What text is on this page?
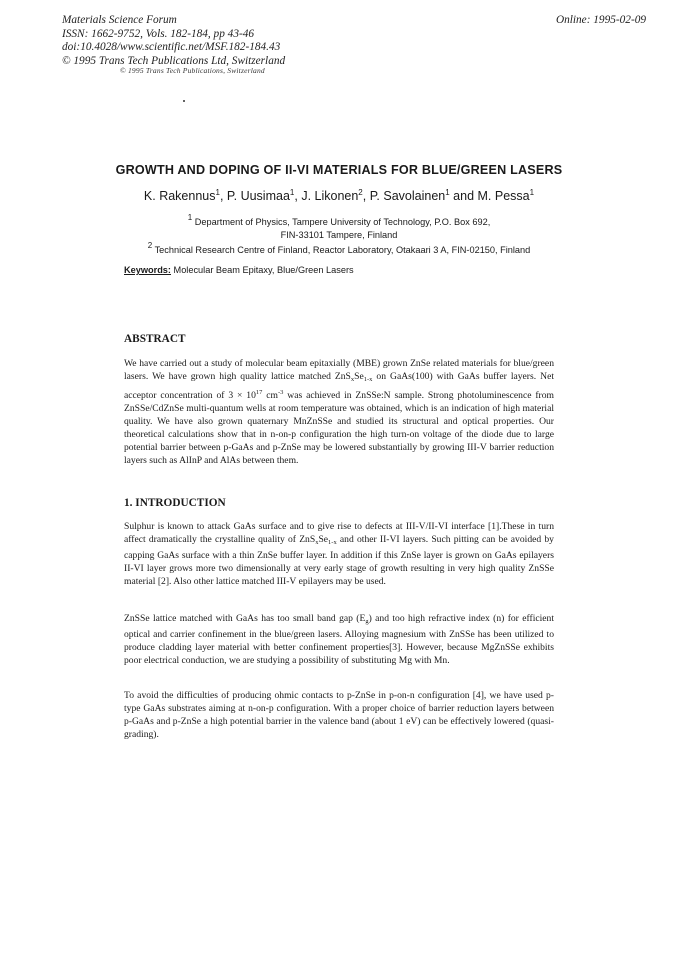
Materials Science Forum
ISSN: 1662-9752, Vols. 182-184, pp 43-46
doi:10.4028/www.scientific.net/MSF.182-184.43
© 1995 Trans Tech Publications Ltd, Switzerland
Online: 1995-02-09
© 1995 Trans Tech Publications, Switzerland
GROWTH AND DOPING OF II-VI MATERIALS FOR BLUE/GREEN LASERS
K. Rakennus$^1$, P. Uusimaa$^1$, J. Likonen$^2$, P. Savolainen$^1$ and M. Pessa$^1$
$^1$ Department of Physics, Tampere University of Technology, P.O. Box 692,
FIN-33101 Tampere, Finland
$^2$ Technical Research Centre of Finland, Reactor Laboratory, Otakaari 3 A, FIN-02150, Finland
Keywords: Molecular Beam Epitaxy, Blue/Green Lasers
ABSTRACT
We have carried out a study of molecular beam epitaxially (MBE) grown ZnSe related materials for blue/green lasers. We have grown high quality lattice matched $ZnS_xSe_{1-x}$ on GaAs(100) with GaAs buffer layers. Net acceptor concentration of $3 \times 10^{17}$ $cm^{-3}$ was achieved in ZnSSe:N sample. Strong photoluminescence from ZnSSe/CdZnSe multi-quantum wells at room temperature was obtained, which is an indication of high material quality. We have also grown quaternary MnZnSSe and studied its structural and optical properties. Our theoretical calculations show that in n-on-p configuration the high turn-on voltage of the diode due to large potential barrier between p-GaAs and p-ZnSe may be lowered substantially by growing III-V barrier reduction layers such as AlInP and AlAs between them.
1. INTRODUCTION
Sulphur is known to attack GaAs surface and to give rise to defects at III-V/II-VI interface [1].These in turn affect dramatically the crystalline quality of $ZnS_xSe_{1-x}$ and other II-VI layers. Such pitting can be avoided by capping GaAs surface with a thin ZnSe buffer layer. In addition if this ZnSe layer is grown on GaAs epilayers II-VI layer grows more two dimensionally at very early stage of growth resulting in very high quality ZnSSe material [2]. Also other lattice matched III-V epilayers may be used.
ZnSSe lattice matched with GaAs has too small band gap $(E_g)$ and too high refractive index (n) for efficient optical and carrier confinement in the blue/green lasers. Alloying magnesium with ZnSSe has been utilized to produce cladding layer material with better confinement properties[3]. However, because MgZnSSe exhibits poor electrical conduction, we are studying a possibility of substituting Mg with Mn.
To avoid the difficulties of producing ohmic contacts to p-ZnSe in p-on-n configuration [4], we have used p-type GaAs substrates aiming at n-on-p configuration. With a proper choice of barrier reduction layers between p-GaAs and p-ZnSe a high potential barrier in the valence band (about 1 eV) can be effectively lowered (quasi-grading).
